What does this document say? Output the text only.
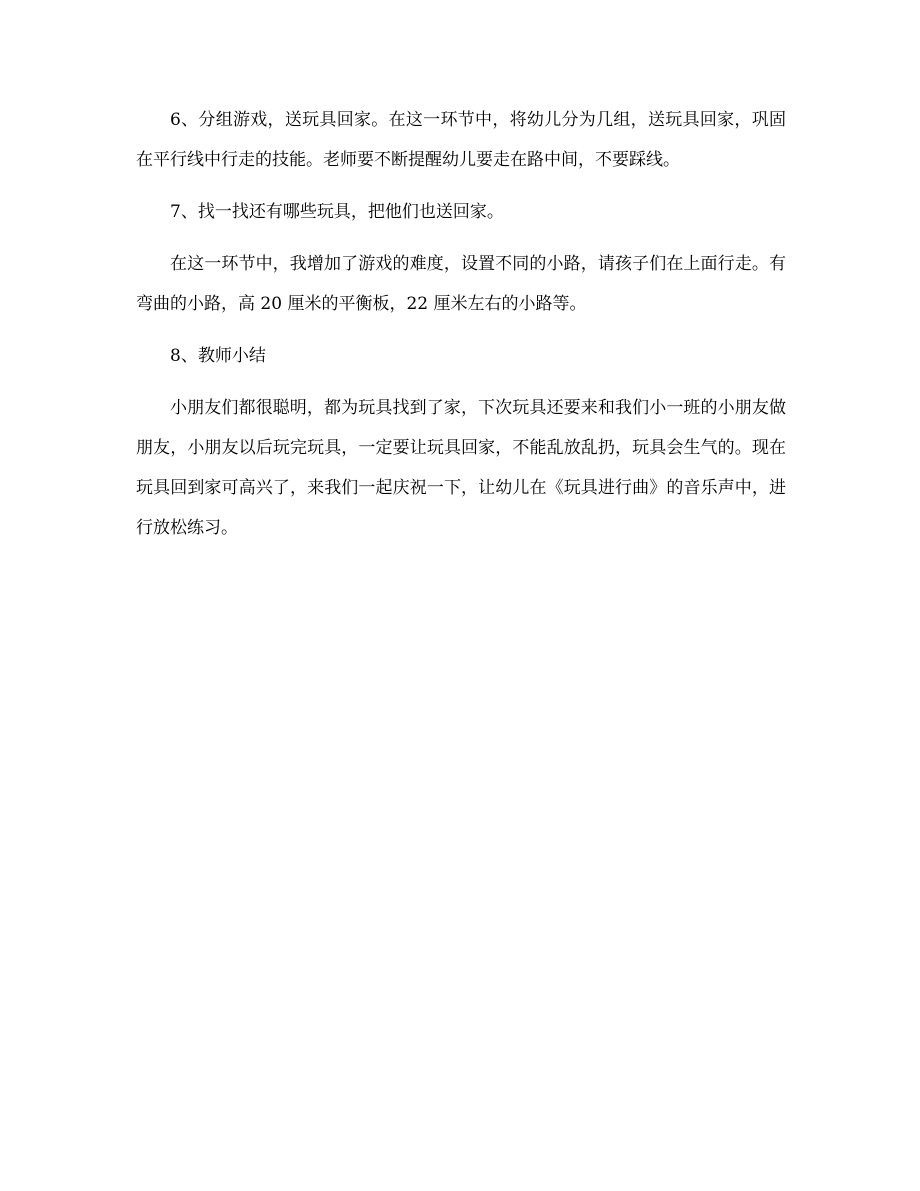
6、分组游戏，送玩具回家。在这一环节中，将幼儿分为几组，送玩具回家，巩固在平行线中行走的技能。老师要不断提醒幼儿要走在路中间，不要踩线。

7、找一找还有哪些玩具，把他们也送回家。

在这一环节中，我增加了游戏的难度，设置不同的小路，请孩子们在上面行走。有弯曲的小路，高 20 厘米的平衡板，22 厘米左右的小路等。

8、教师小结

小朋友们都很聪明，都为玩具找到了家，下次玩具还要来和我们小一班的小朋友做朋友，小朋友以后玩完玩具，一定要让玩具回家，不能乱放乱扔，玩具会生气的。现在玩具回到家可高兴了，来我们一起庆祝一下，让幼儿在《玩具进行曲》的音乐声中，进行放松练习。
